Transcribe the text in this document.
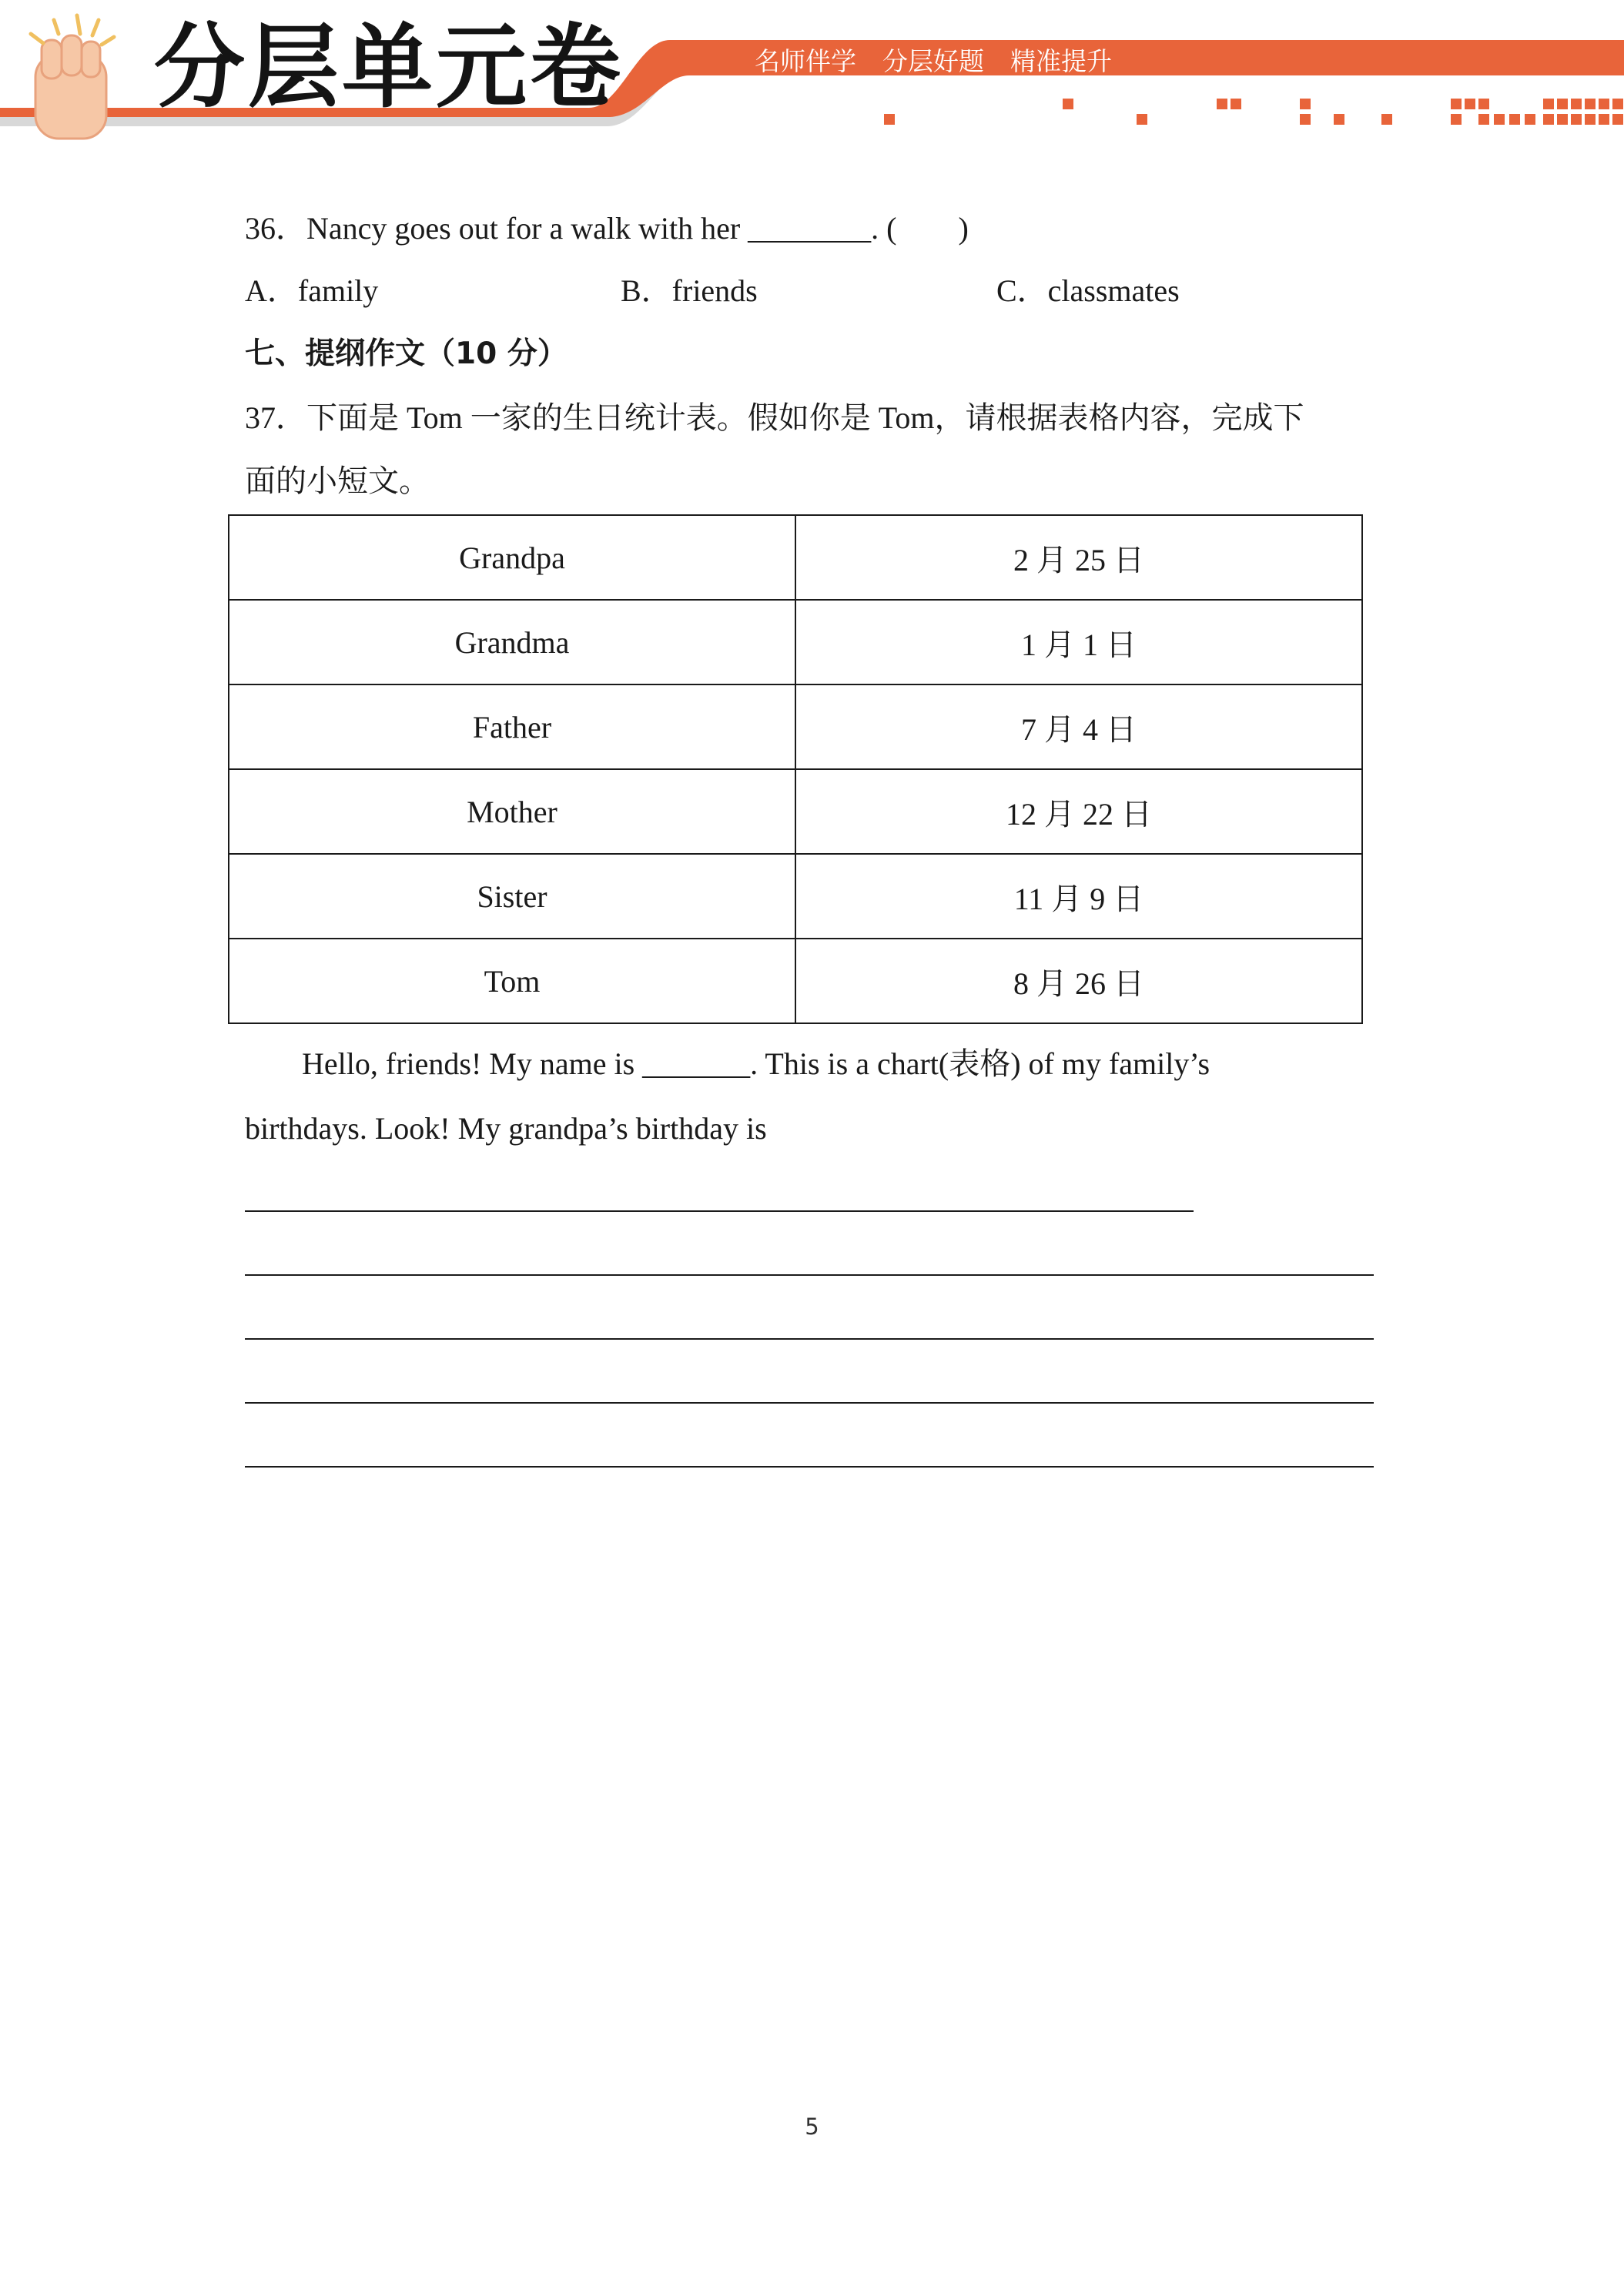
分层单元卷	名师伴学 分层好题 精准提升
36．Nancy goes out for a walk with her ________. (　　)
A．family	B．friends	C．classmates
七、提纲作文（10 分）
37．下面是 Tom 一家的生日统计表。假如你是 Tom，请根据表格内容，完成下
面的小短文。
Hello, friends! My name is _______. This is a chart(表格) of my family’s
birthdays. Look! My grandpa’s birthday is
Grandpa	2 月 25 日
Grandma	1 月 1 日
Father	7 月 4 日
Mother	12 月 22 日
Sister	11 月 9 日
Tom	8 月 26 日
5
